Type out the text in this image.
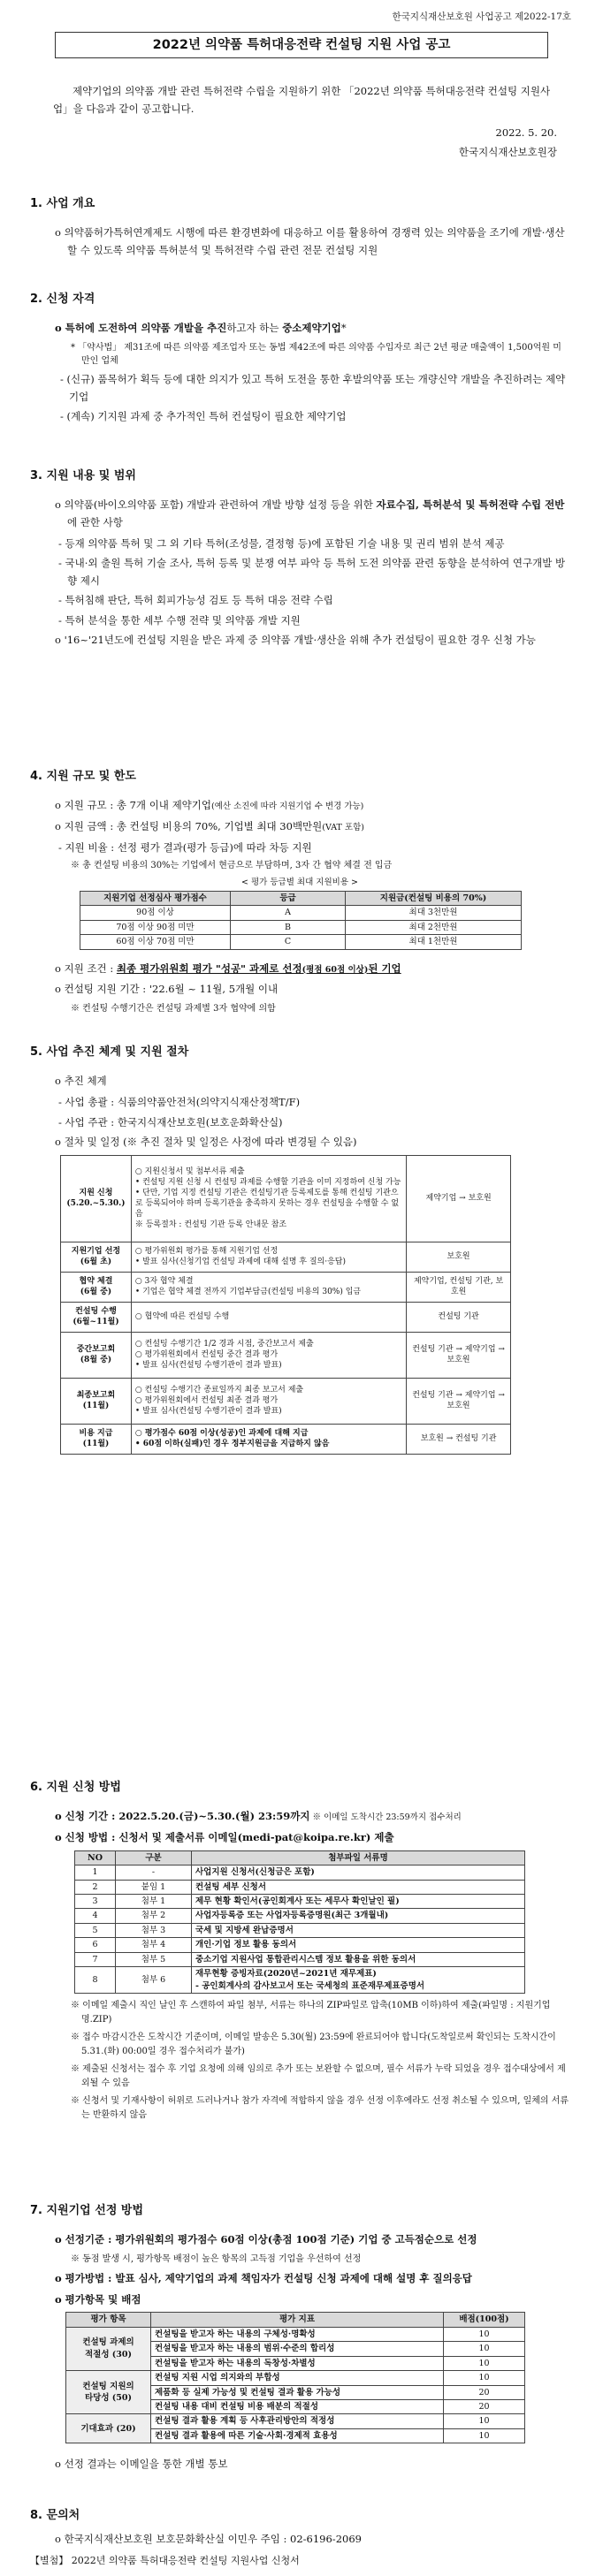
한국지식재산보호원 사업공고 제2022-17호
2022년 의약품 특허대응전략 컨설팅 지원 사업 공고
제약기업의 의약품 개발 관련 특허전략 수립을 지원하기 위한 「2022년 의약품 특허대응전략 컨설팅 지원사업」을 다음과 같이 공고합니다.
2022. 5. 20.
한국지식재산보호원장
1. 사업 개요
o 의약품허가특허연계제도 시행에 따른 환경변화에 대응하고 이를 활용하여 경쟁력 있는 의약품을 조기에 개발·생산할 수 있도록 의약품 특허분석 및 특허전략 수립 관련 전문 컨설팅 지원
2. 신청 자격
o 특허에 도전하여 의약품 개발을 추진하고자 하는 중소제약기업*
* 「약사법」 제31조에 따른 의약품 제조업자 또는 동법 제42조에 따른 의약품 수입자로 최근 2년 평균 매출액이 1,500억원 미만인 업체
- (신규) 품목허가 획득 등에 대한 의지가 있고 특허 도전을 통한 후발의약품 또는 개량신약 개발을 추진하려는 제약기업
- (계속) 기지원 과제 중 추가적인 특허 컨설팅이 필요한 제약기업
3. 지원 내용 및 범위
o 의약품(바이오의약품 포함) 개발과 관련하여 개발 방향 설정 등을 위한 자료수집, 특허분석 및 특허전략 수립 전반에 관한 사항
- 등재 의약품 특허 및 그 외 기타 특허(조성물, 결정형 등)에 포함된 기술 내용 및 권리 범위 분석 제공
- 국내·외 출원 특허 기술 조사, 특허 등록 및 분쟁 여부 파악 등 특허 도전 의약품 관련 동향을 분석하여 연구개발 방향 제시
- 특허침해 판단, 특허 회피가능성 검토 등 특허 대응 전략 수립
- 특허 분석을 통한 세부 수행 전략 및 의약품 개발 지원
o '16~'21년도에 컨설팅 지원을 받은 과제 중 의약품 개발·생산을 위해 추가 컨설팅이 필요한 경우 신청 가능
4. 지원 규모 및 한도
o 지원 규모 : 총 7개 이내 제약기업(예산 소진에 따라 지원기업 수 변경 가능)
o 지원 금액 : 총 컨설팅 비용의 70%, 기업별 최대 30백만원(VAT 포함)
- 지원 비율 : 선정 평가 결과(평가 등급)에 따라 차등 지원
※ 총 컨설팅 비용의 30%는 기업에서 현금으로 부담하며, 3자 간 협약 체결 전 입금
< 평가 등급별 최대 지원비용 >
지원기업 선정심사 평가점수	등급	지원금(컨설팅 비용의 70%)
90점 이상	A	최대 3천만원
70점 이상 90점 미만	B	최대 2천만원
60점 이상 70점 미만	C	최대 1천만원
o 지원 조건 : 최종 평가위원회 평가 "성공" 과제로 선정(평점 60점 이상)된 기업
o 컨설팅 지원 기간 : '22.6월 ~ 11월, 5개월 이내
※ 컨설팅 수행기간은 컨설팅 과제별 3자 협약에 의함
5. 사업 추진 체계 및 지원 절차
o 추진 체계
- 사업 총괄 : 식품의약품안전처(의약지식재산정책T/F)
- 사업 주관 : 한국지식재산보호원(보호운화확산실)
o 절차 및 일정 (※ 추진 절차 및 일정은 사정에 따라 변경될 수 있음)
지원 신청
(5.20.~5.30.)	○ 지원신청서 및 첨부서류 제출
• 컨설팅 지원 신청 시 컨설팅 과제를 수행할 기관을 이미 지정하여 신청 가능
• 단만, 기업 지정 컨설팅 기관은 컨설팅기관 등록제도를 통해 컨설팅 기관으로 등록되어야 하며 등록기관을 충족하지 못하는 경우 컨설팅을 수행할 수 없음
※ 등록절차 : 컨설팅 기관 등록 안내문 참조	제약기업 → 보호원
지원기업 선정
(6월 초)	○ 평가위원회 평가를 통해 지원기업 선정
• 발표 심사(신청기업 컨설팅 과제에 대해 설명 후 질의·응답)	보호원
협약 체결
(6월 중)	○ 3자 협약 체결
• 기업은 협약 체결 전까지 기업부담금(컨설팅 비용의 30%) 입금	제약기업, 컨설팅 기관, 보호원
컨설팅 수행
(6월~11월)	○ 협약에 따른 컨설팅 수행	컨설팅 기관
중간보고회
(8월 중)	○ 컨설팅 수행기간 1/2 경과 시점, 중간보고서 제출
○ 평가위원회에서 컨설팅 중간 결과 평가
• 발표 심사(컨설팅 수행기관이 결과 발표)	컨설팅 기관 → 제약기업 → 보호원
최종보고회
(11월)	○ 컨설팅 수행기간 종료일까지 최종 보고서 제출
○ 평가위원회에서 컨설팅 최종 결과 평가
• 발표 심사(컨설팅 수행기관이 결과 발표)	컨설팅 기관 → 제약기업 → 보호원
비용 지급
(11월)	○ 평가점수 60점 이상(성공)인 과제에 대해 지급
• 60점 이하(실패)인 경우 정부지원금을 지급하지 않음	보호원 → 컨설팅 기관
6. 지원 신청 방법
o 신청 기간 : 2022.5.20.(금)~5.30.(월) 23:59까지 ※ 이메일 도착시간 23:59까지 접수처리
o 신청 방법 : 신청서 및 제출서류 이메일(medi-pat@koipa.re.kr) 제출
NO	구분	첨부파일 서류명
1	-	사업지원 신청서(신청금은 포함)
2	붙임 1	컨설팅 세부 신청서
3	첨부 1	제무 현황 확인서(공인회계사 또는 세무사 확인날인 필)
4	첨부 2	사업자등록증 또는 사업자등록증명원(최근 3개월내)
5	첨부 3	국세 및 지방세 완납증명서
6	첨부 4	개인·기업 정보 활용 동의서
7	첨부 5	중소기업 지원사업 통합관리시스템 정보 활용을 위한 동의서
8	첨부 6	재무현황 증빙자료(2020년~2021년 재무제표)
- 공인회계사의 감사보고서 또는 국세청의 표준재무제표증명서
※ 이메일 제출시 직인 날인 후 스캔하여 파일 첨부, 서류는 하나의 ZIP파일로 압축(10MB 이하)하여 제출(파일명 : 지원기업명.ZIP)
※ 접수 마감시간은 도착시간 기준이며, 이메일 발송은 5.30(월) 23:59에 완료되어야 합니다(도착일로써 확인되는 도착시간이 5.31.(화) 00:00일 경우 접수처리가 불가)
※ 제출된 신청서는 접수 후 기업 요청에 의해 임의로 추가 또는 보완할 수 없으며, 필수 서류가 누락 되었을 경우 접수대상에서 제외될 수 있음
※ 신청서 및 기재사항이 허위로 드러나거나 참가 자격에 적합하지 않을 경우 선정 이후에라도 선정 취소될 수 있으며, 일체의 서류는 반환하지 않음
7. 지원기업 선정 방법
o 선정기준 : 평가위원회의 평가점수 60점 이상(총점 100점 기준) 기업 중 고득점순으로 선정
※ 동점 발생 시, 평가항목 배점이 높은 항목의 고득점 기업을 우선하여 선정
o 평가방법 : 발표 심사, 제약기업의 과제 책임자가 컨설팅 신청 과제에 대해 설명 후 질의응답
o 평가항목 및 배점
평가 항목	평가 지표	배점(100점)
컨설팅 과제의
적절성 (30)	컨설팅을 받고자 하는 내용의 구체성·명확성	10
	컨설팅을 받고자 하는 내용의 범위·수준의 합리성	10
	컨설팅을 받고자 하는 내용의 독창성·차별성	10
컨설팅 지원의
타당성 (50)	컨설팅 지원 시업 의지와의 부합성	10
	제품화 등 실제 가능성 및 컨설팅 결과 활용 가능성	20
	컨설팅 내용 대비 컨설팅 비용 배분의 적절성	20
기대효과 (20)	컨설팅 결과 활용 계획 등 사후관리방안의 적정성	10
	컨설팅 결과 활용에 따른 기술·사회·경제적 효용성	10
o 선정 결과는 이메일을 통한 개별 통보
8. 문의처
o 한국지식재산보호원 보호문화확산실 이민우 주임 : 02-6196-2069
【별첨】 2022년 의약품 특허대응전략 컨설팅 지원사업 신청서
